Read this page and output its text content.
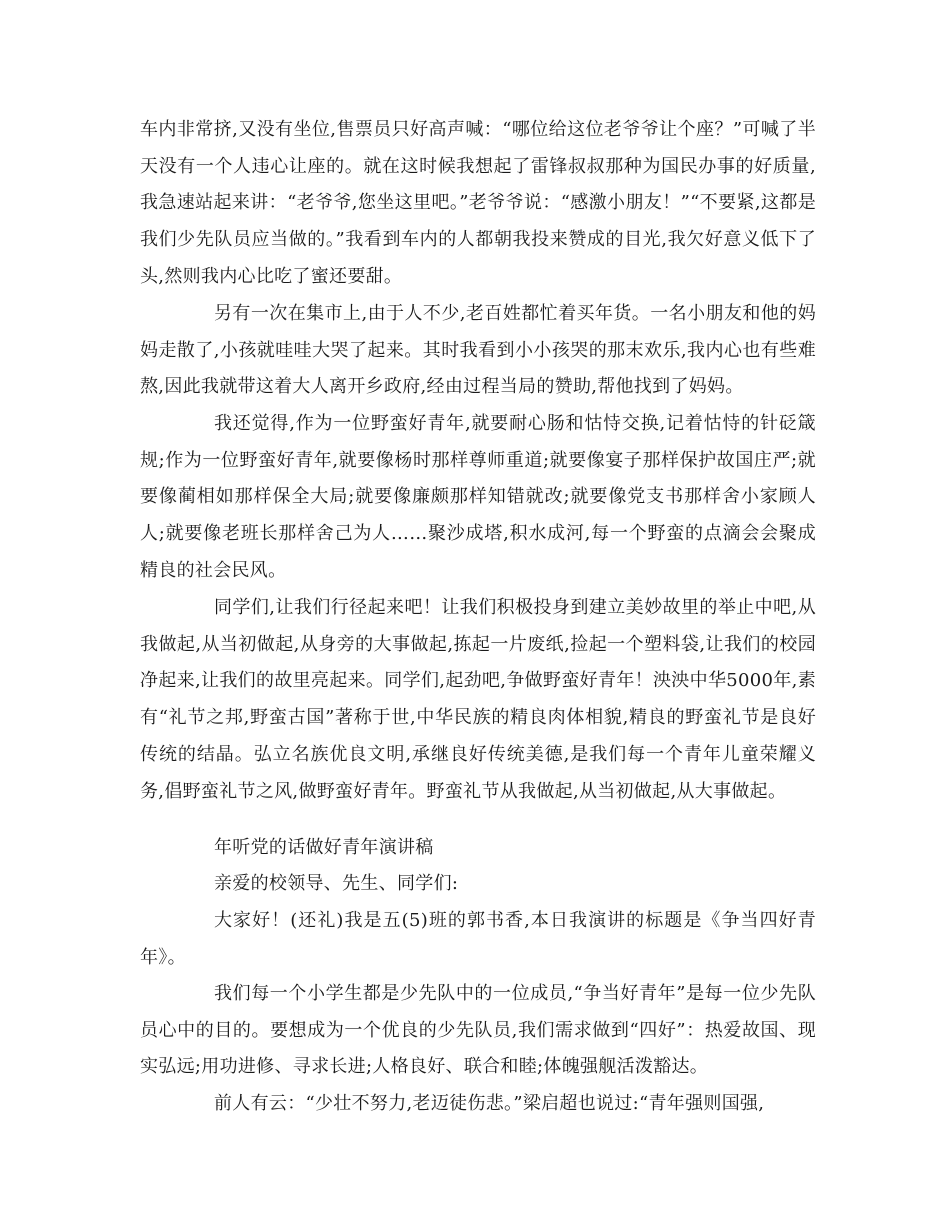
车内非常挤,又没有坐位,售票员只好高声喊：“哪位给这位老爷爷让个座？”可喊了半天没有一个人违心让座的。就在这时候我想起了雷锋叔叔那种为国民办事的好质量,我急速站起来讲：“老爷爷,您坐这里吧。”老爷爷说：“感激小朋友！”“不要紧,这都是我们少先队员应当做的。”我看到车内的人都朝我投来赞成的目光,我欠好意义低下了头,然则我内心比吃了蜜还要甜。

另有一次在集市上,由于人不少,老百姓都忙着买年货。一名小朋友和他的妈妈走散了,小孩就哇哇大哭了起来。其时我看到小小孩哭的那末欢乐,我内心也有些难熬,因此我就带这着大人离开乡政府,经由过程当局的赞助,帮他找到了妈妈。

我还觉得,作为一位野蛮好青年,就要耐心肠和怙恃交换,记着怙恃的针砭箴规;作为一位野蛮好青年,就要像杨时那样尊师重道;就要像宴子那样保护故国庄严;就要像蔺相如那样保全大局;就要像廉颇那样知错就改;就要像党支书那样舍小家顾人人;就要像老班长那样舍己为人……聚沙成塔,积水成河,每一个野蛮的点滴会会聚成精良的社会民风。

同学们,让我们行径起来吧！让我们积极投身到建立美妙故里的举止中吧,从我做起,从当初做起,从身旁的大事做起,拣起一片废纸,捡起一个塑料袋,让我们的校园净起来,让我们的故里亮起来。同学们,起劲吧,争做野蛮好青年！泱泱中华5000年,素有“礼节之邦,野蛮古国”著称于世,中华民族的精良肉体相貌,精良的野蛮礼节是良好传统的结晶。弘立名族优良文明,承继良好传统美德,是我们每一个青年儿童荣耀义务,倡野蛮礼节之风,做野蛮好青年。野蛮礼节从我做起,从当初做起,从大事做起。

年听党的话做好青年演讲稿

亲爱的校领导、先生、同学们:

大家好！(还礼)我是五(5)班的郭书香,本日我演讲的标题是《争当四好青年》。

我们每一个小学生都是少先队中的一位成员,“争当好青年”是每一位少先队员心中的目的。要想成为一个优良的少先队员,我们需求做到“四好”：热爱故国、现实弘远;用功进修、寻求长进;人格良好、联合和睦;体魄强舰活泼豁达。

前人有云：“少壮不努力,老迈徒伤悲。”梁启超也说过:“青年强则国强,
